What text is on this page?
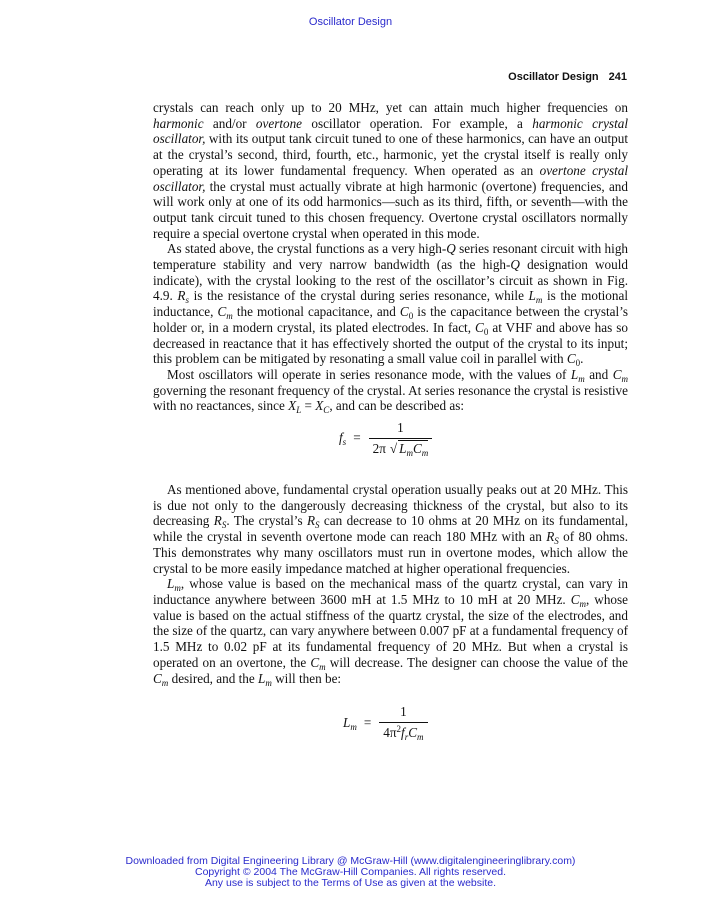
Oscillator Design
Oscillator Design 241

crystals can reach only up to 20 MHz, yet can attain much higher frequencies on harmonic and/or overtone oscillator operation. For example, a harmonic crystal oscillator, with its output tank circuit tuned to one of these harmonics, can have an output at the crystal’s second, third, fourth, etc., harmonic, yet the crystal itself is really only operating at its lower fundamental frequency. When operated as an overtone crystal oscillator, the crystal must actually vibrate at high harmonic (overtone) frequencies, and will work only at one of its odd harmonics—such as its third, fifth, or seventh—with the output tank circuit tuned to this chosen frequency. Overtone crystal oscillators normally require a special overtone crystal when operated in this mode.

As stated above, the crystal functions as a very high-Q series resonant circuit with high temperature stability and very narrow bandwidth (as the high-Q designation would indicate), with the crystal looking to the rest of the oscillator’s circuit as shown in Fig. 4.9. $R_s$ is the resistance of the crystal during series resonance, while $L_m$ is the motional inductance, $C_m$ the motional capacitance, and $C_0$ is the capacitance between the crystal’s holder or, in a modern crystal, its plated electrodes. In fact, $C_0$ at VHF and above has so decreased in reactance that it has effectively shorted the output of the crystal to its input; this problem can be mitigated by resonating a small value coil in parallel with $C_0$.

Most oscillators will operate in series resonance mode, with the values of $L_m$ and $C_m$ governing the resonant frequency of the crystal. At series resonance the crystal is resistive with no reactances, since $X_L = X_C$, and can be described as:

$f_s = \frac{1}{2\pi √ L_mC_m}$

As mentioned above, fundamental crystal operation usually peaks out at 20 MHz. This is due not only to the dangerously decreasing thickness of the crystal, but also to its decreasing $R_S$. The crystal’s $R_S$ can decrease to 10 ohms at 20 MHz on its fundamental, while the crystal in seventh overtone mode can reach 180 MHz with an $R_S$ of 80 ohms. This demonstrates why many oscillators must run in overtone modes, which allow the crystal to be more easily impedance matched at higher operational frequencies.

$L_m$, whose value is based on the mechanical mass of the quartz crystal, can vary in inductance anywhere between 3600 mH at 1.5 MHz to 10 mH at 20 MHz. $C_m$, whose value is based on the actual stiffness of the quartz crystal, the size of the electrodes, and the size of the quartz, can vary anywhere between 0.007 pF at a fundamental frequency of 1.5 MHz to 0.02 pF at its fundamental frequency of 20 MHz. But when a crystal is operated on an overtone, the $C_m$ will decrease. The designer can choose the value of the $C_m$ desired, and the $L_m$ will then be:

$L_m = \frac{1}{4\pi^2f_rC_m}$
Downloaded from Digital Engineering Library @ McGraw-Hill (www.digitalengineeringlibrary.com)
Copyright © 2004 The McGraw-Hill Companies. All rights reserved.
Any use is subject to the Terms of Use as given at the website.
